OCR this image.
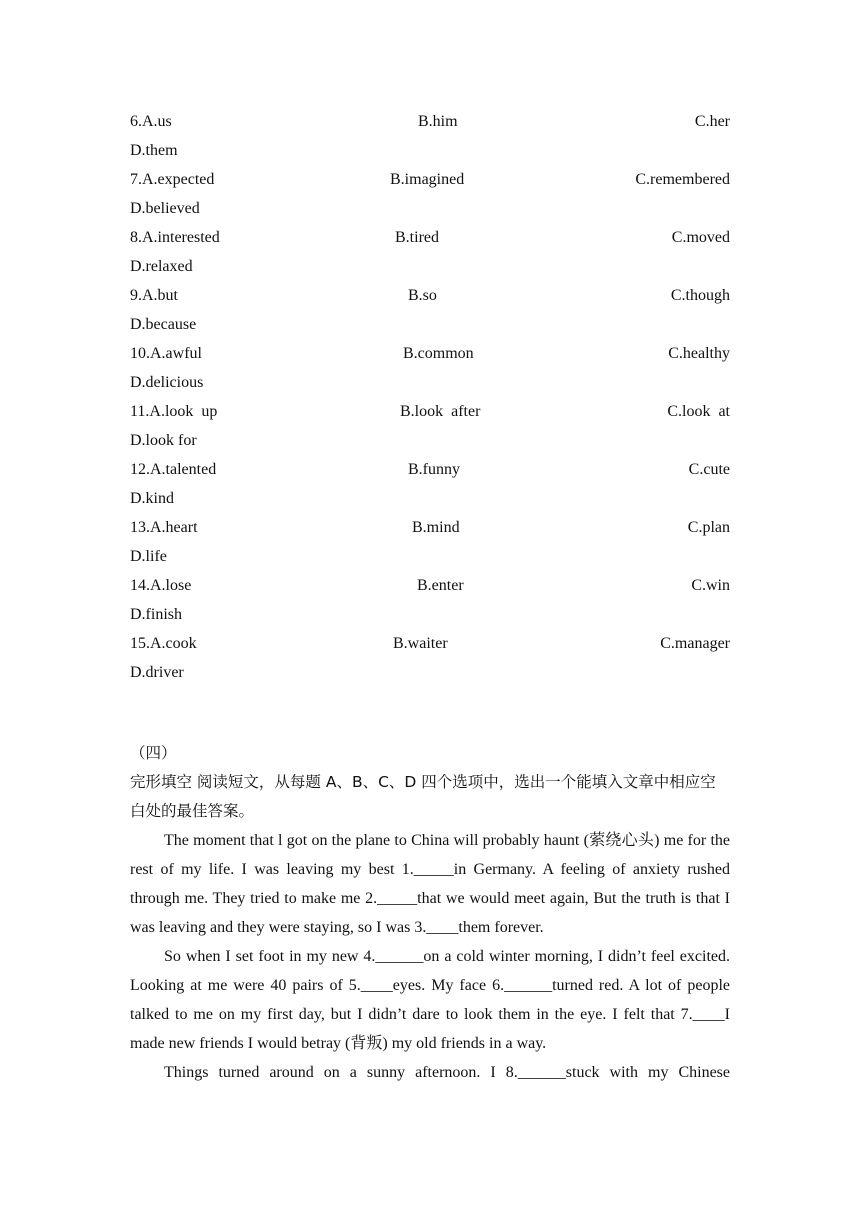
6.A.us	B.him	C.her
D.them
7.A.expected	B.imagined	C.remembered
D.believed
8.A.interested	B.tired	C.moved
D.relaxed
9.A.but	B.so	C.though
D.because
10.A.awful	B.common	C.healthy
D.delicious
11.A.look  up	B.look  after	C.look  at
D.look for
12.A.talented	B.funny	C.cute
D.kind
13.A.heart	B.mind	C.plan
D.life
14.A.lose	B.enter	C.win
D.finish
15.A.cook	B.waiter	C.manager
D.driver
（四）

完形填空 阅读短文，从每题 A、B、C、D 四个选项中，选出一个能填入文章中相应空白处的最佳答案。

The moment that l got on the plane to China will probably haunt (萦绕心头) me for the rest of my life. I was leaving my best 1._____in Germany. A feeling of anxiety rushed through me. They tried to make me 2._____that we would meet again, But the truth is that I was leaving and they were staying, so I was 3.____them forever.

So when I set foot in my new 4.______on a cold winter morning, I didn’t feel excited. Looking at me were 40 pairs of 5.____eyes. My face 6.______turned red. A lot of people talked to me on my first day, but I didn’t dare to look them in the eye. I felt that 7.____I made new friends I would betray (背叛) my old friends in a way.

Things turned around on a sunny afternoon. I 8.______stuck with my Chinese
